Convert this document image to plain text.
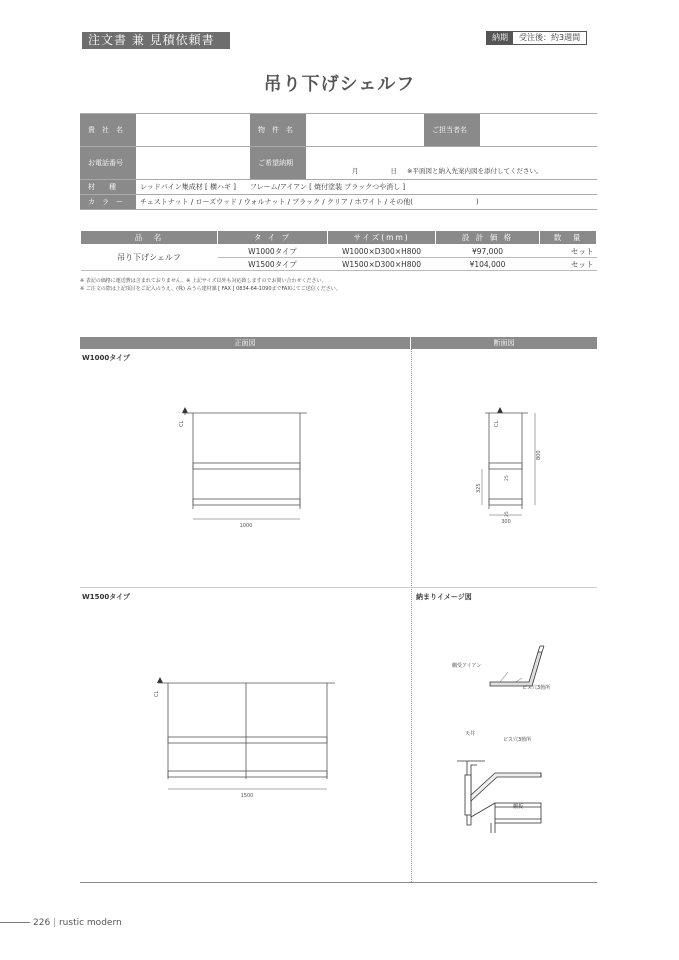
注文書 兼 見積依頼書	納期	受注後：約3週間
吊り下げシェルフ
貴　社　名		物　件　名		ご担当者名	
お電話番号		ご希望納期	月 日 ※平面図と納入先案内図を添付してください。		
材　　種	レッドパイン集成材 [ 横ハギ ]　　フレーム/アイアン [ 焼付塗装 ブラックつや消し ]				
カ　ラ　ー	チェストナット / ローズウッド / ウォルナット / ブラック / クリア / ホワイト / その他(　　　　　　　　　)				
品　名	タ イ プ	サイズ(mm)	設 計 価 格	数　量
吊り下げシェルフ	W1000タイプ	W1000×D300×H800	¥97,000	セット
	W1500タイプ	W1500×D300×H800	¥104,000	セット
※ 表記の価格に運送費は含まれておりません。※ 上記サイズ以外も対応致しますのでお問い合わせください。
※ ご注文の際は上記項目をご記入のうえ、(株) みうら建材課 [ FAX ] 0834-64-1090までFAXにてご送信ください。
正面図	断面図
W1000タイプ
W1500タイプ	納まりイメージ図
CL
1000
CL
800
325
25
25
300
CL
1500
棚受アイアン
ビス穴3箇所
天井
ビス穴3箇所
棚板
226 | rustic modern
